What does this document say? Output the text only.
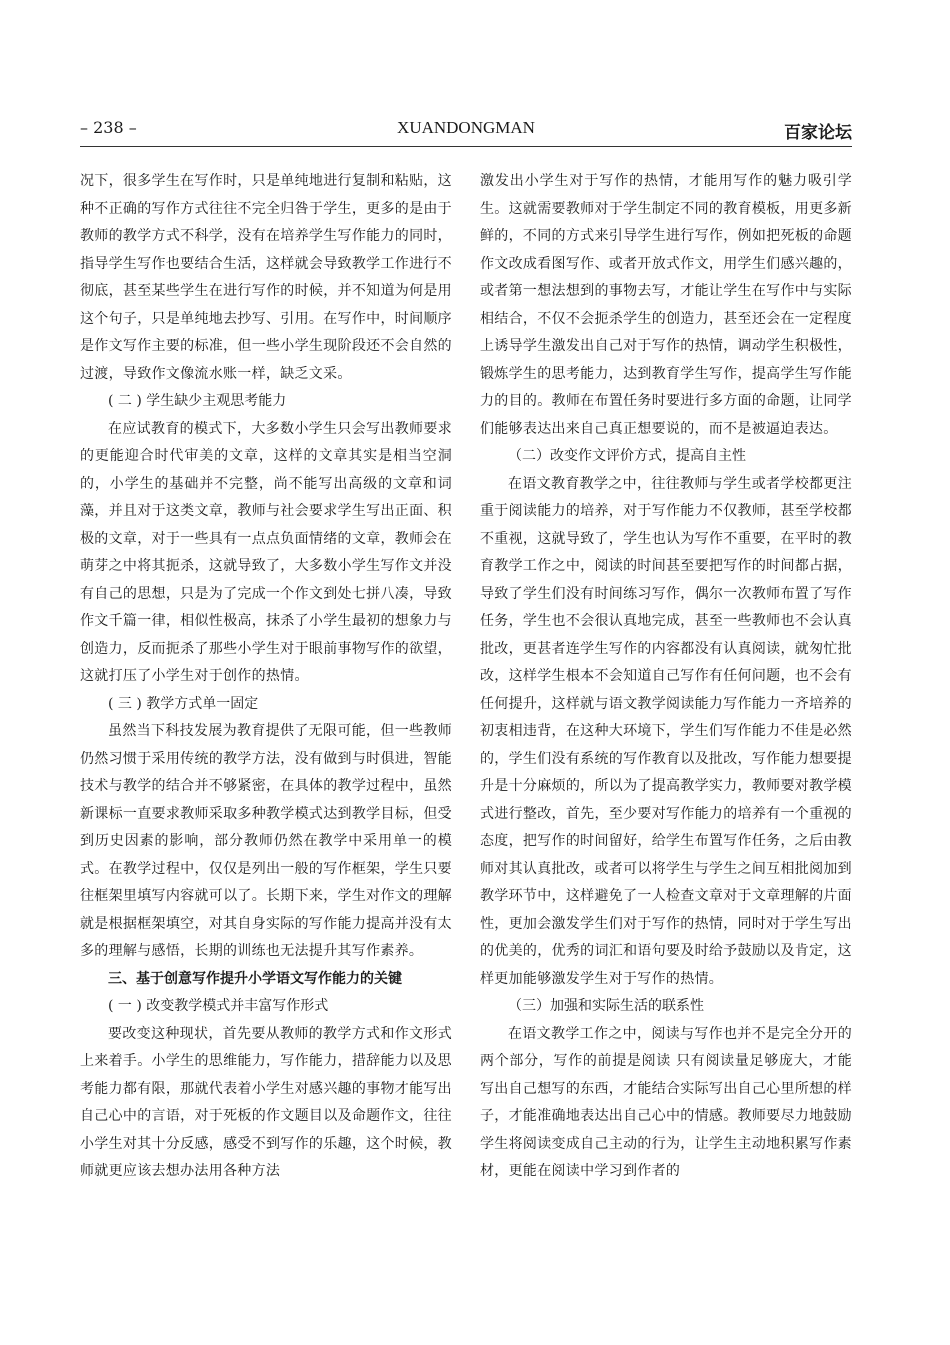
– 238 –	XUANDONGMAN	百家论坛

况下，很多学生在写作时，只是单纯地进行复制和粘贴，这种不正确的写作方式往往不完全归咎于学生，更多的是由于教师的教学方式不科学，没有在培养学生写作能力的同时，指导学生写作也要结合生活，这样就会导致教学工作进行不彻底，甚至某些学生在进行写作的时候，并不知道为何是用这个句子，只是单纯地去抄写、引用。在写作中，时间顺序是作文写作主要的标准，但一些小学生现阶段还不会自然的过渡，导致作文像流水账一样，缺乏文采。

( 二 ) 学生缺少主观思考能力

在应试教育的模式下，大多数小学生只会写出教师要求的更能迎合时代审美的文章，这样的文章其实是相当空洞的，小学生的基础并不完整，尚不能写出高级的文章和词藻，并且对于这类文章，教师与社会要求学生写出正面、积极的文章，对于一些具有一点点负面情绪的文章，教师会在萌芽之中将其扼杀，这就导致了，大多数小学生写作文并没有自己的思想，只是为了完成一个作文到处七拼八凑，导致作文千篇一律，相似性极高，抹杀了小学生最初的想象力与创造力，反而扼杀了那些小学生对于眼前事物写作的欲望，这就打压了小学生对于创作的热情。

( 三 ) 教学方式单一固定

虽然当下科技发展为教育提供了无限可能，但一些教师仍然习惯于采用传统的教学方法，没有做到与时俱进，智能技术与教学的结合并不够紧密，在具体的教学过程中，虽然新课标一直要求教师采取多种教学模式达到教学目标，但受到历史因素的影响，部分教师仍然在教学中采用单一的模式。在教学过程中，仅仅是列出一般的写作框架，学生只要往框架里填写内容就可以了。长期下来，学生对作文的理解就是根据框架填空，对其自身实际的写作能力提高并没有太多的理解与感悟，长期的训练也无法提升其写作素养。

三、基于创意写作提升小学语文写作能力的关键

( 一 ) 改变教学模式并丰富写作形式

要改变这种现状，首先要从教师的教学方式和作文形式上来着手。小学生的思维能力，写作能力，措辞能力以及思考能力都有限，那就代表着小学生对感兴趣的事物才能写出自己心中的言语，对于死板的作文题目以及命题作文，往往小学生对其十分反感，感受不到写作的乐趣，这个时候，教师就更应该去想办法用各种方法

激发出小学生对于写作的热情，才能用写作的魅力吸引学生。这就需要教师对于学生制定不同的教育模板，用更多新鲜的，不同的方式来引导学生进行写作，例如把死板的命题作文改成看图写作、或者开放式作文，用学生们感兴趣的，或者第一想法想到的事物去写，才能让学生在写作中与实际相结合，不仅不会扼杀学生的创造力，甚至还会在一定程度上诱导学生激发出自己对于写作的热情，调动学生积极性，锻炼学生的思考能力，达到教育学生写作，提高学生写作能力的目的。教师在布置任务时要进行多方面的命题，让同学们能够表达出来自己真正想要说的，而不是被逼迫表达。

（二）改变作文评价方式，提高自主性

在语文教育教学之中，往往教师与学生或者学校都更注重于阅读能力的培养，对于写作能力不仅教师，甚至学校都不重视，这就导致了，学生也认为写作不重要，在平时的教育教学工作之中，阅读的时间甚至要把写作的时间都占据，导致了学生们没有时间练习写作，偶尔一次教师布置了写作任务，学生也不会很认真地完成，甚至一些教师也不会认真批改，更甚者连学生写作的内容都没有认真阅读，就匆忙批改，这样学生根本不会知道自己写作有任何问题，也不会有任何提升，这样就与语文教学阅读能力写作能力一齐培养的初衷相违背，在这种大环境下，学生们写作能力不佳是必然的，学生们没有系统的写作教育以及批改，写作能力想要提升是十分麻烦的，所以为了提高教学实力，教师要对教学模式进行整改，首先，至少要对写作能力的培养有一个重视的态度，把写作的时间留好，给学生布置写作任务，之后由教师对其认真批改，或者可以将学生与学生之间互相批阅加到教学环节中，这样避免了一人检查文章对于文章理解的片面性，更加会激发学生们对于写作的热情，同时对于学生写出的优美的，优秀的词汇和语句要及时给予鼓励以及肯定，这样更加能够激发学生对于写作的热情。

（三）加强和实际生活的联系性

在语文教学工作之中，阅读与写作也并不是完全分开的两个部分，写作的前提是阅读 只有阅读量足够庞大，才能写出自己想写的东西，才能结合实际写出自己心里所想的样子，才能准确地表达出自己心中的情感。教师要尽力地鼓励学生将阅读变成自己主动的行为，让学生主动地积累写作素材，更能在阅读中学习到作者的
